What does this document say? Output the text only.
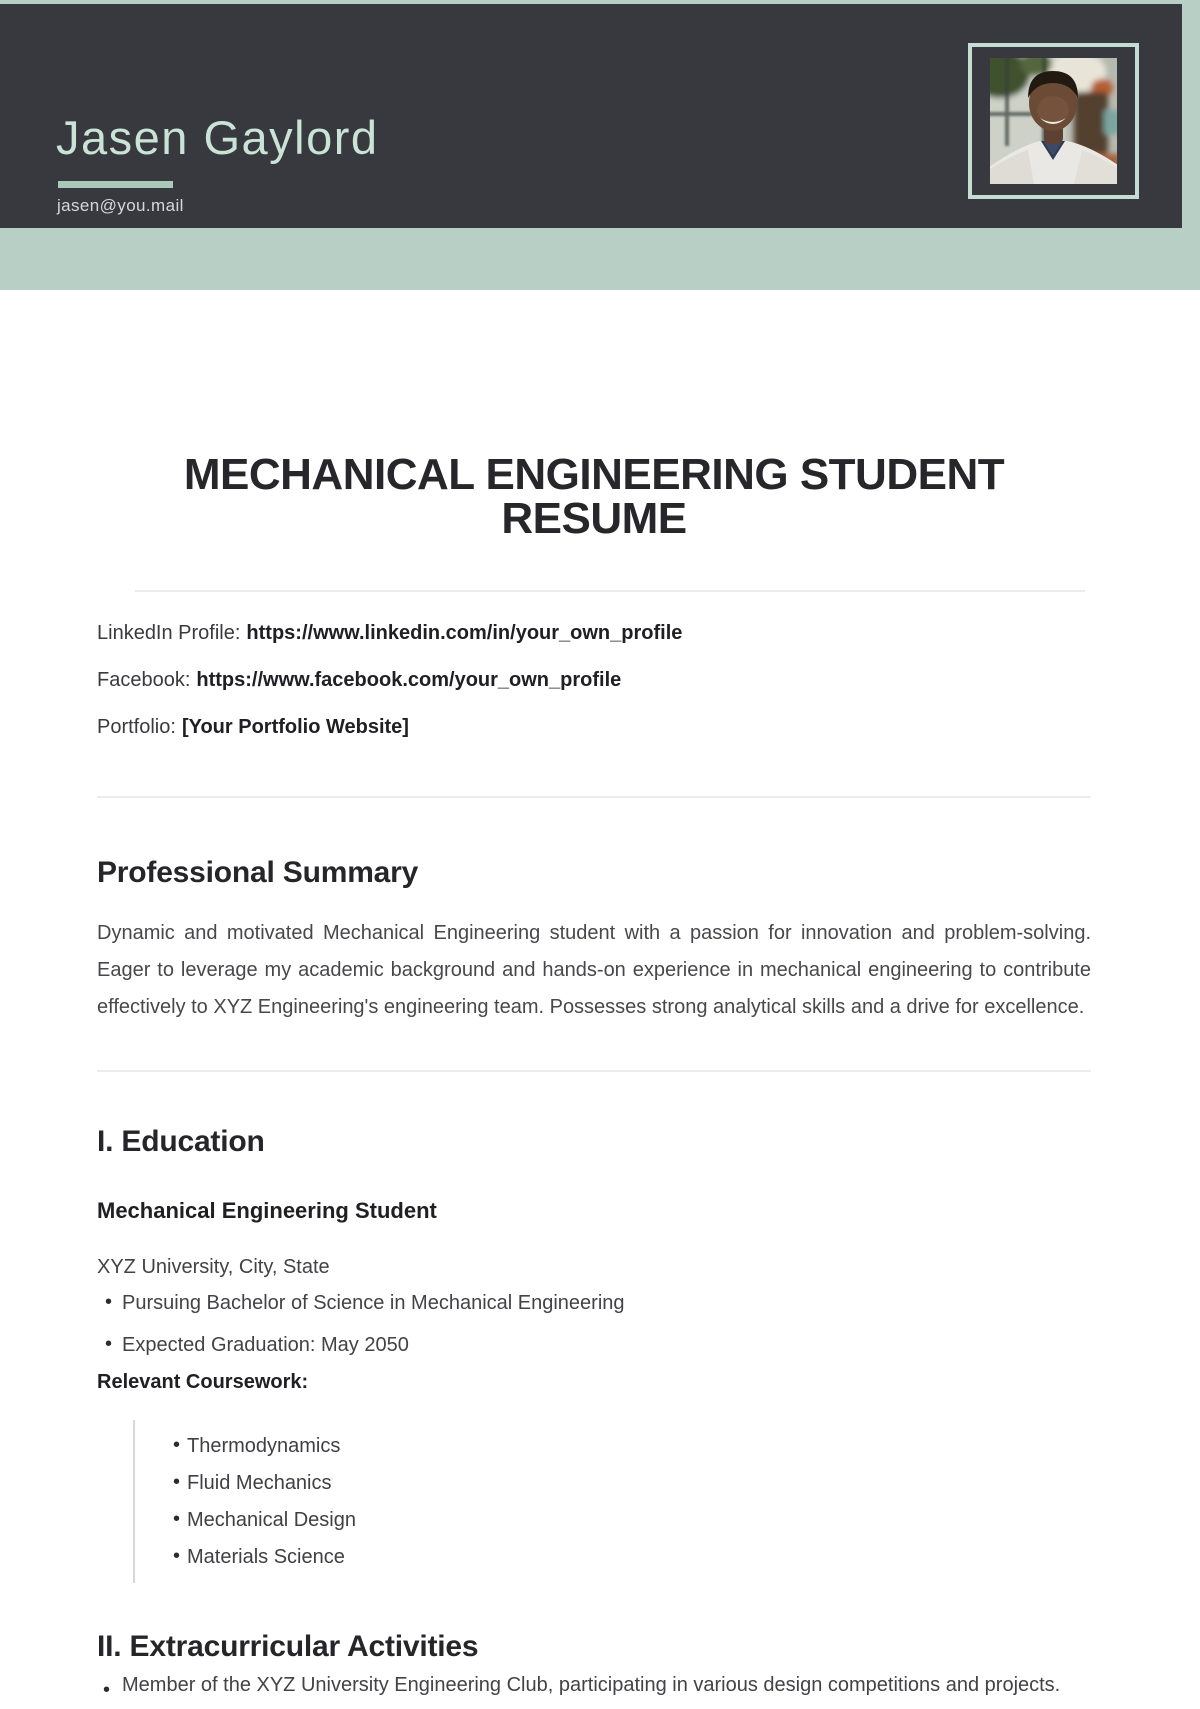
Jasen Gaylord
jasen@you.mail
MECHANICAL ENGINEERING STUDENT RESUME

LinkedIn Profile: https://www.linkedin.com/in/your_own_profile

Facebook: https://www.facebook.com/your_own_profile

Portfolio: [Your Portfolio Website]

Professional Summary

Dynamic and motivated Mechanical Engineering student with a passion for innovation and problem-solving. Eager to leverage my academic background and hands-on experience in mechanical engineering to contribute effectively to XYZ Engineering's engineering team. Possesses strong analytical skills and a drive for excellence.

I. Education
Mechanical Engineering Student

XYZ University, City, State

• Pursuing Bachelor of Science in Mechanical Engineering
• Expected Graduation: May 2050

Relevant Coursework:

• Thermodynamics
• Fluid Mechanics
• Mechanical Design
• Materials Science
II. Extracurricular Activities
• Member of the XYZ University Engineering Club, participating in various design competitions and projects.
